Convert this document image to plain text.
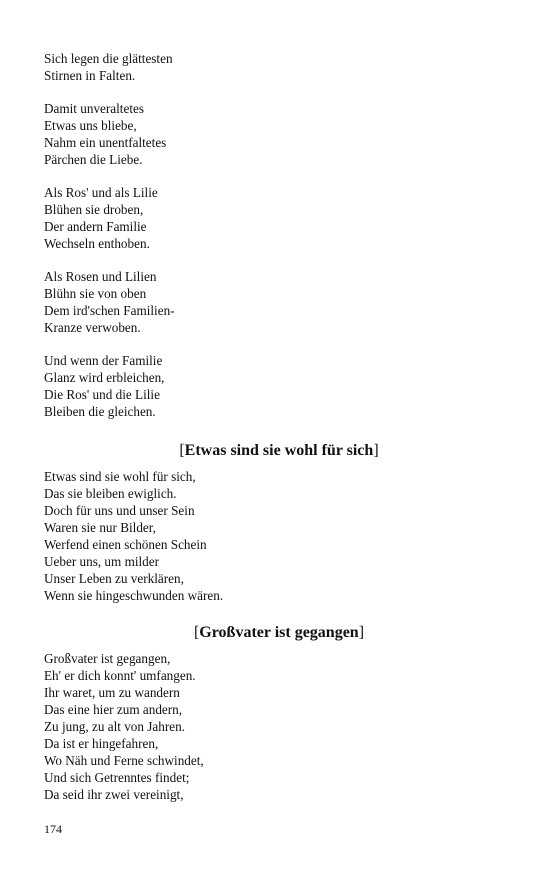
Sich legen die glättesten
Stirnen in Falten.
Damit unveraltetes
Etwas uns bliebe,
Nahm ein unentfaltetes
Pärchen die Liebe.
Als Ros' und als Lilie
Blühen sie droben,
Der andern Familie
Wechseln enthoben.
Als Rosen und Lilien
Blühn sie von oben
Dem ird'schen Familien-
Kranze verwoben.
Und wenn der Familie
Glanz wird erbleichen,
Die Ros' und die Lilie
Bleiben die gleichen.
[Etwas sind sie wohl für sich]
Etwas sind sie wohl für sich,
Das sie bleiben ewiglich.
Doch für uns und unser Sein
Waren sie nur Bilder,
Werfend einen schönen Schein
Ueber uns, um milder
Unser Leben zu verklären,
Wenn sie hingeschwunden wären.
[Großvater ist gegangen]
Großvater ist gegangen,
Eh' er dich konnt' umfangen.
Ihr waret, um zu wandern
Das eine hier zum andern,
Zu jung, zu alt von Jahren.
Da ist er hingefahren,
Wo Näh und Ferne schwindet,
Und sich Getrenntes findet;
Da seid ihr zwei vereinigt,
174
